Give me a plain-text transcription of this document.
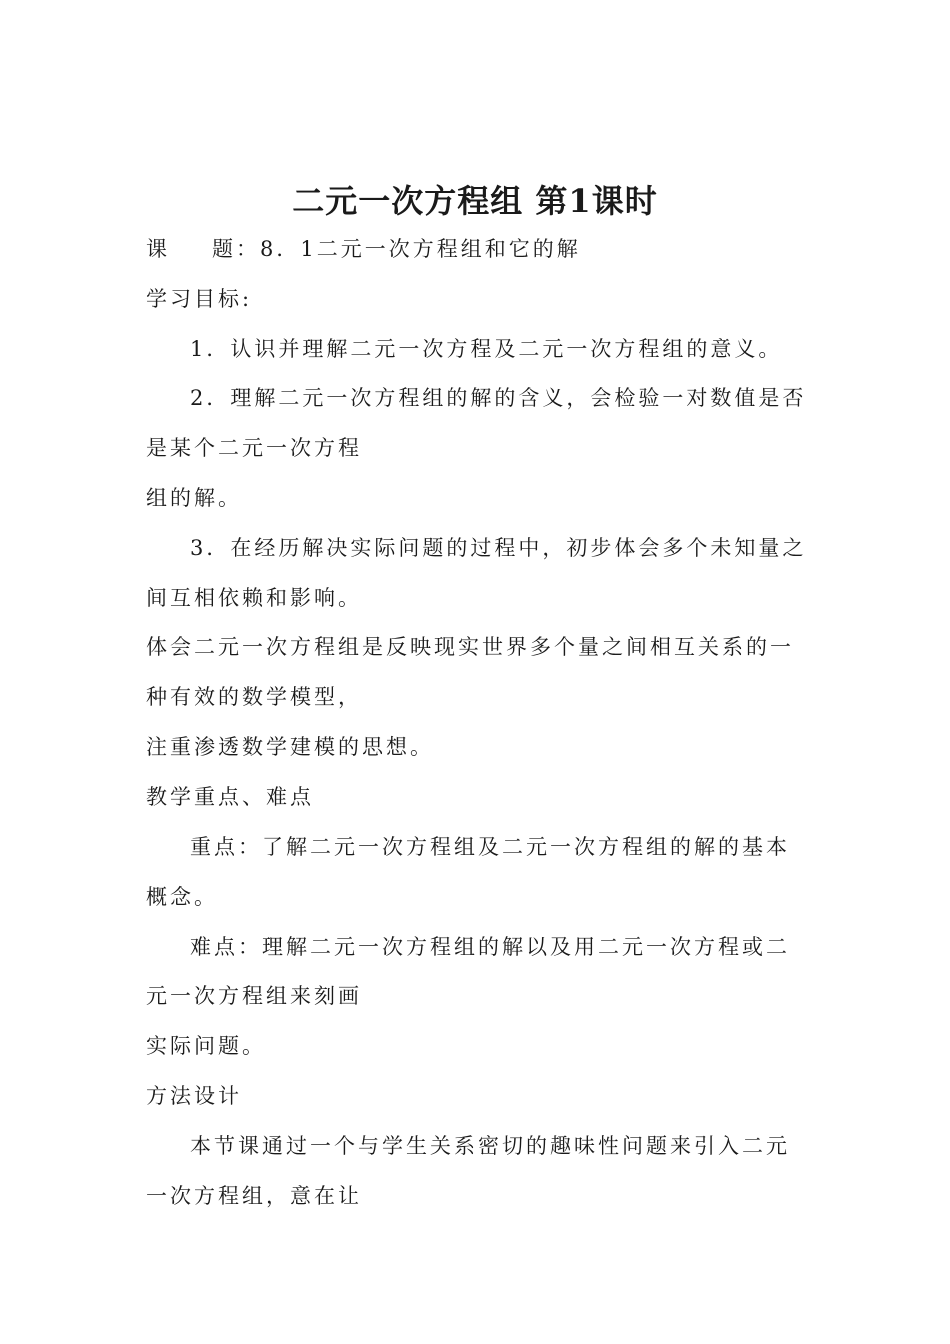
二元一次方程组 第1课时
课 题：8．1二元一次方程组和它的解
学习目标:
1．认识并理解二元一次方程及二元一次方程组的意义。
2．理解二元一次方程组的解的含义，会检验一对数值是否
是某个二元一次方程
组的解。
3．在经历解决实际问题的过程中，初步体会多个未知量之
间互相依赖和影响。
体会二元一次方程组是反映现实世界多个量之间相互关系的一
种有效的数学模型，
注重渗透数学建模的思想。
教学重点、难点
重点：了解二元一次方程组及二元一次方程组的解的基本
概念。
难点：理解二元一次方程组的解以及用二元一次方程或二
元一次方程组来刻画
实际问题。
方法设计
本节课通过一个与学生关系密切的趣味性问题来引入二元
一次方程组，意在让
